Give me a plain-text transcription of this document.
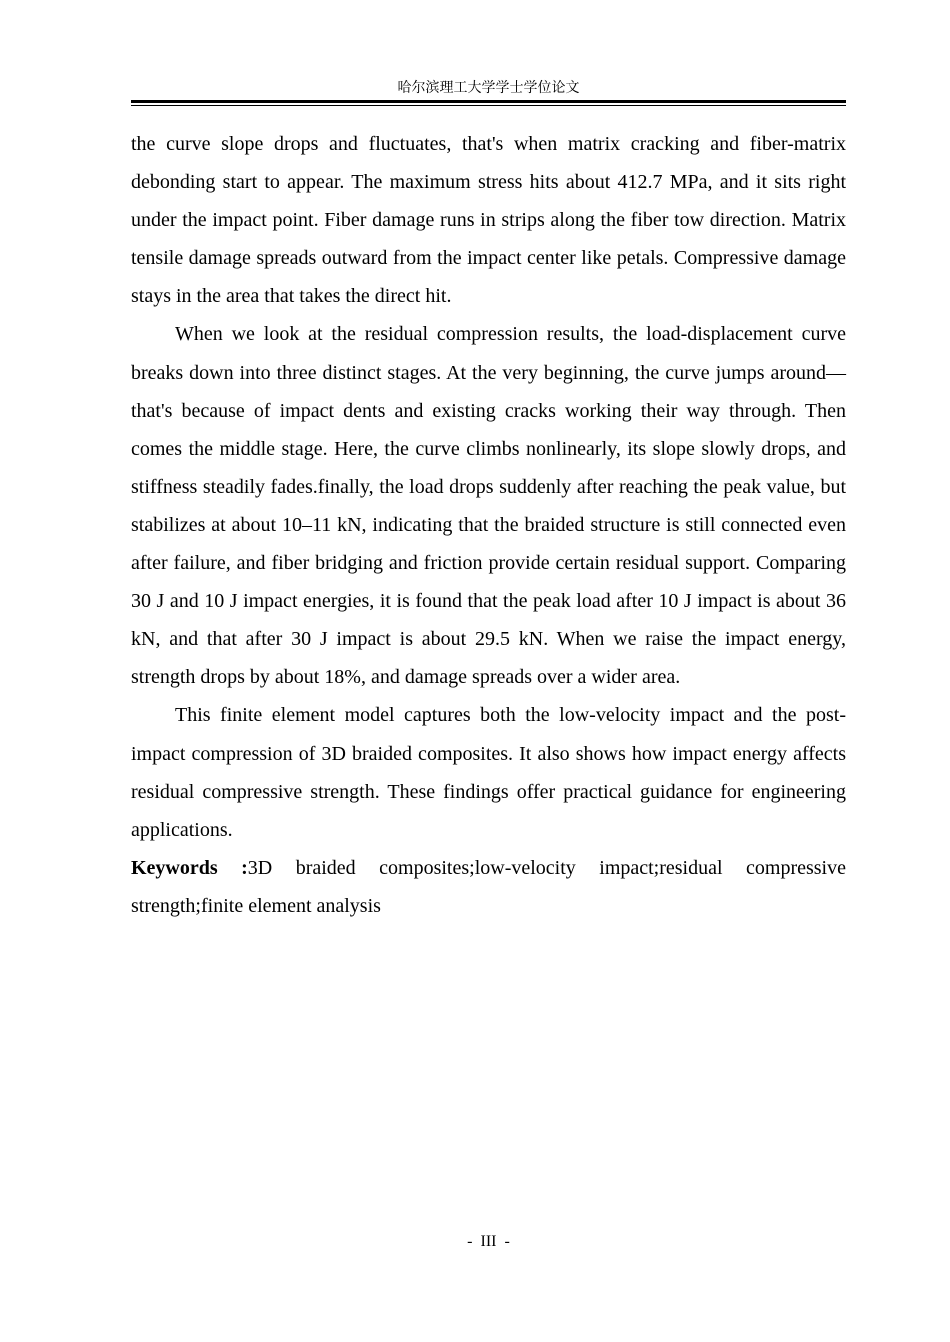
哈尔滨理工大学学士学位论文

the curve slope drops and fluctuates, that's when matrix cracking and fiber-matrix debonding start to appear. The maximum stress hits about 412.7 MPa, and it sits right under the impact point. Fiber damage runs in strips along the fiber tow direction. Matrix tensile damage spreads outward from the impact center like petals. Compressive damage stays in the area that takes the direct hit.

When we look at the residual compression results, the load-displacement curve breaks down into three distinct stages. At the very beginning, the curve jumps around—that's because of impact dents and existing cracks working their way through. Then comes the middle stage. Here, the curve climbs nonlinearly, its slope slowly drops, and stiffness steadily fades.finally, the load drops suddenly after reaching the peak value, but stabilizes at about 10–11 kN, indicating that the braided structure is still connected even after failure, and fiber bridging and friction provide certain residual support. Comparing 30 J and 10 J impact energies, it is found that the peak load after 10 J impact is about 36 kN, and that after 30 J impact is about 29.5 kN. When we raise the impact energy, strength drops by about 18%, and damage spreads over a wider area.

This finite element model captures both the low-velocity impact and the post-impact compression of 3D braided composites. It also shows how impact energy affects residual compressive strength. These findings offer practical guidance for engineering applications.

Keywords :3D braided composites;low-velocity impact;residual compressive strength;finite element analysis

- III -
